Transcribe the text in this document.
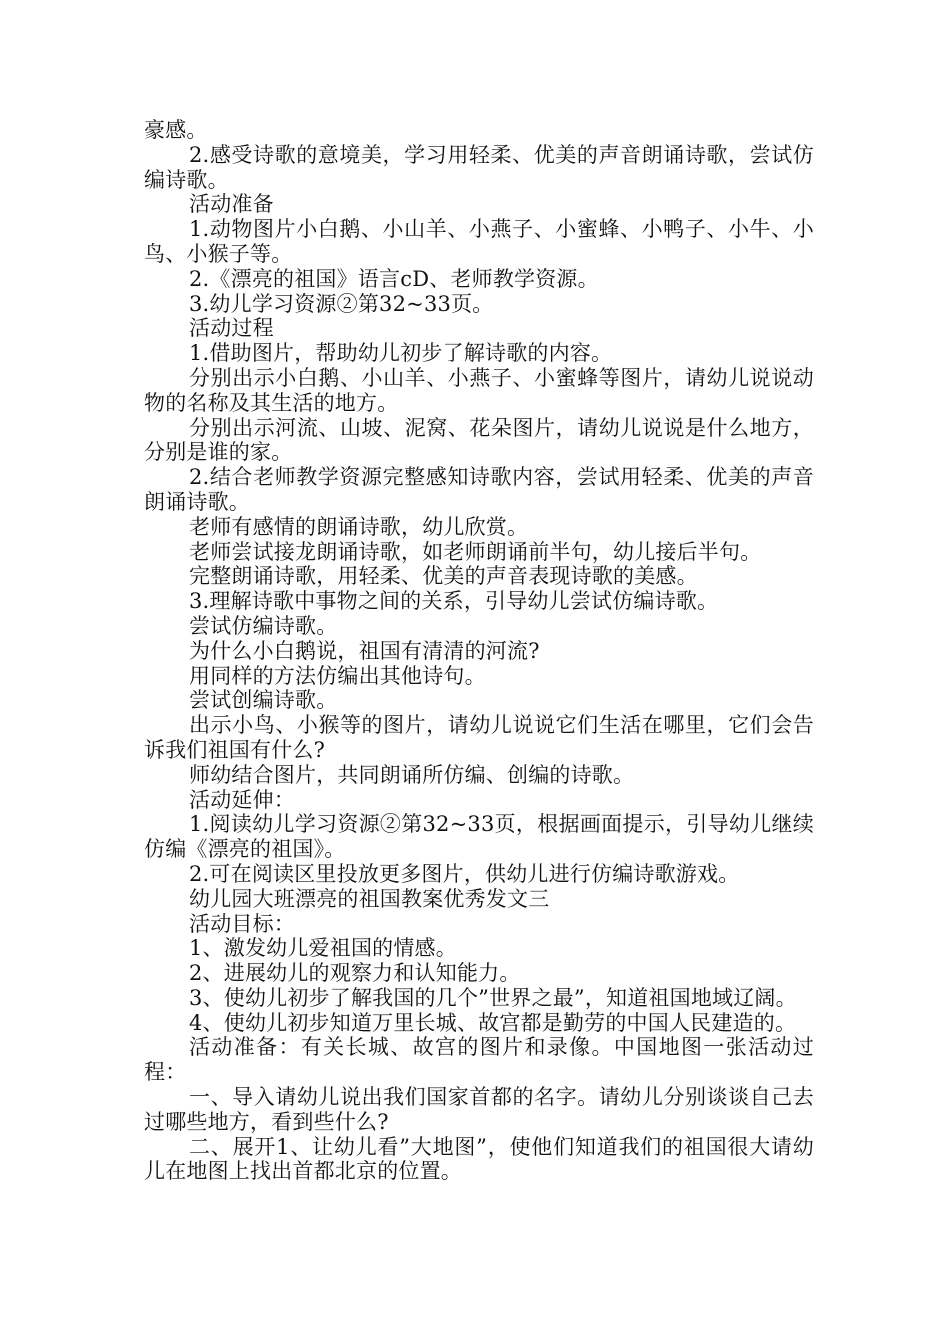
豪感。

2.感受诗歌的意境美，学习用轻柔、优美的声音朗诵诗歌，尝试仿编诗歌。

活动准备

1.动物图片小白鹅、小山羊、小燕子、小蜜蜂、小鸭子、小牛、小鸟、小猴子等。

2.《漂亮的祖国》语言cD、老师教学资源。

3.幼儿学习资源②第32~33页。

活动过程

1.借助图片，帮助幼儿初步了解诗歌的内容。

分别出示小白鹅、小山羊、小燕子、小蜜蜂等图片，请幼儿说说动物的名称及其生活的地方。

分别出示河流、山坡、泥窝、花朵图片，请幼儿说说是什么地方，分别是谁的家。

2.结合老师教学资源完整感知诗歌内容，尝试用轻柔、优美的声音朗诵诗歌。

老师有感情的朗诵诗歌，幼儿欣赏。

老师尝试接龙朗诵诗歌，如老师朗诵前半句，幼儿接后半句。

完整朗诵诗歌，用轻柔、优美的声音表现诗歌的美感。

3.理解诗歌中事物之间的关系，引导幼儿尝试仿编诗歌。

尝试仿编诗歌。

为什么小白鹅说，祖国有清清的河流?

用同样的方法仿编出其他诗句。

尝试创编诗歌。

出示小鸟、小猴等的图片，请幼儿说说它们生活在哪里，它们会告诉我们祖国有什么?

师幼结合图片，共同朗诵所仿编、创编的诗歌。

活动延伸：

1.阅读幼儿学习资源②第32~33页，根据画面提示，引导幼儿继续仿编《漂亮的祖国》。

2.可在阅读区里投放更多图片，供幼儿进行仿编诗歌游戏。

幼儿园大班漂亮的祖国教案优秀发文三

活动目标：

1、激发幼儿爱祖国的情感。

2、进展幼儿的观察力和认知能力。

3、使幼儿初步了解我国的几个”世界之最”，知道祖国地域辽阔。

4、使幼儿初步知道万里长城、故宫都是勤劳的中国人民建造的。

活动准备：有关长城、故宫的图片和录像。中国地图一张活动过程：

一、导入请幼儿说出我们国家首都的名字。请幼儿分别谈谈自己去过哪些地方，看到些什么?

二、展开1、让幼儿看”大地图”，使他们知道我们的祖国很大请幼儿在地图上找出首都北京的位置。
